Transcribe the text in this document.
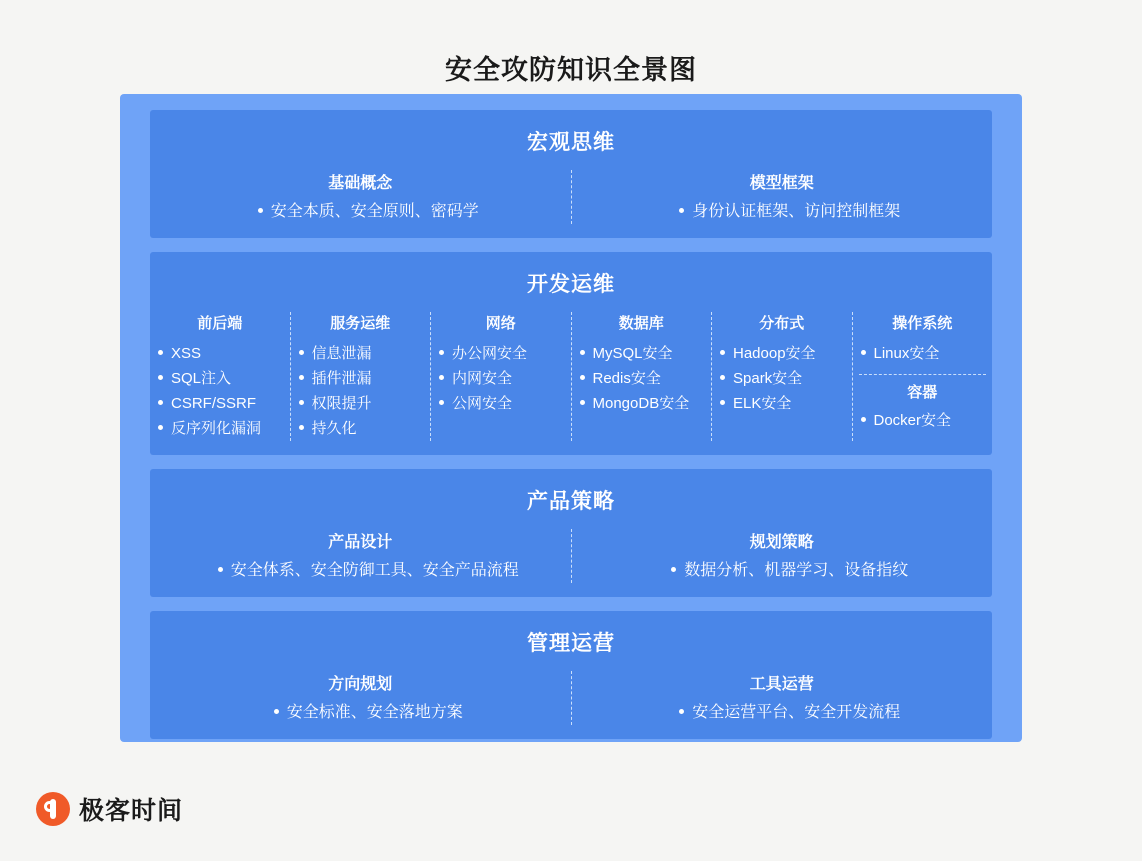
安全攻防知识全景图
宏观思维
基础概念
安全本质、安全原则、密码学
模型框架
身份认证框架、访问控制框架
开发运维
前后端
XSS
SQL注入
CSRF/SSRF
反序列化漏洞
服务运维
信息泄漏
插件泄漏
权限提升
持久化
网络
办公网安全
内网安全
公网安全
数据库
MySQL安全
Redis安全
MongoDB安全
分布式
Hadoop安全
Spark安全
ELK安全
操作系统
Linux安全
容器
Docker安全
产品策略
产品设计
安全体系、安全防御工具、安全产品流程
规划策略
数据分析、机器学习、设备指纹
管理运营
方向规划
安全标准、安全落地方案
工具运营
安全运营平台、安全开发流程
极客时间
